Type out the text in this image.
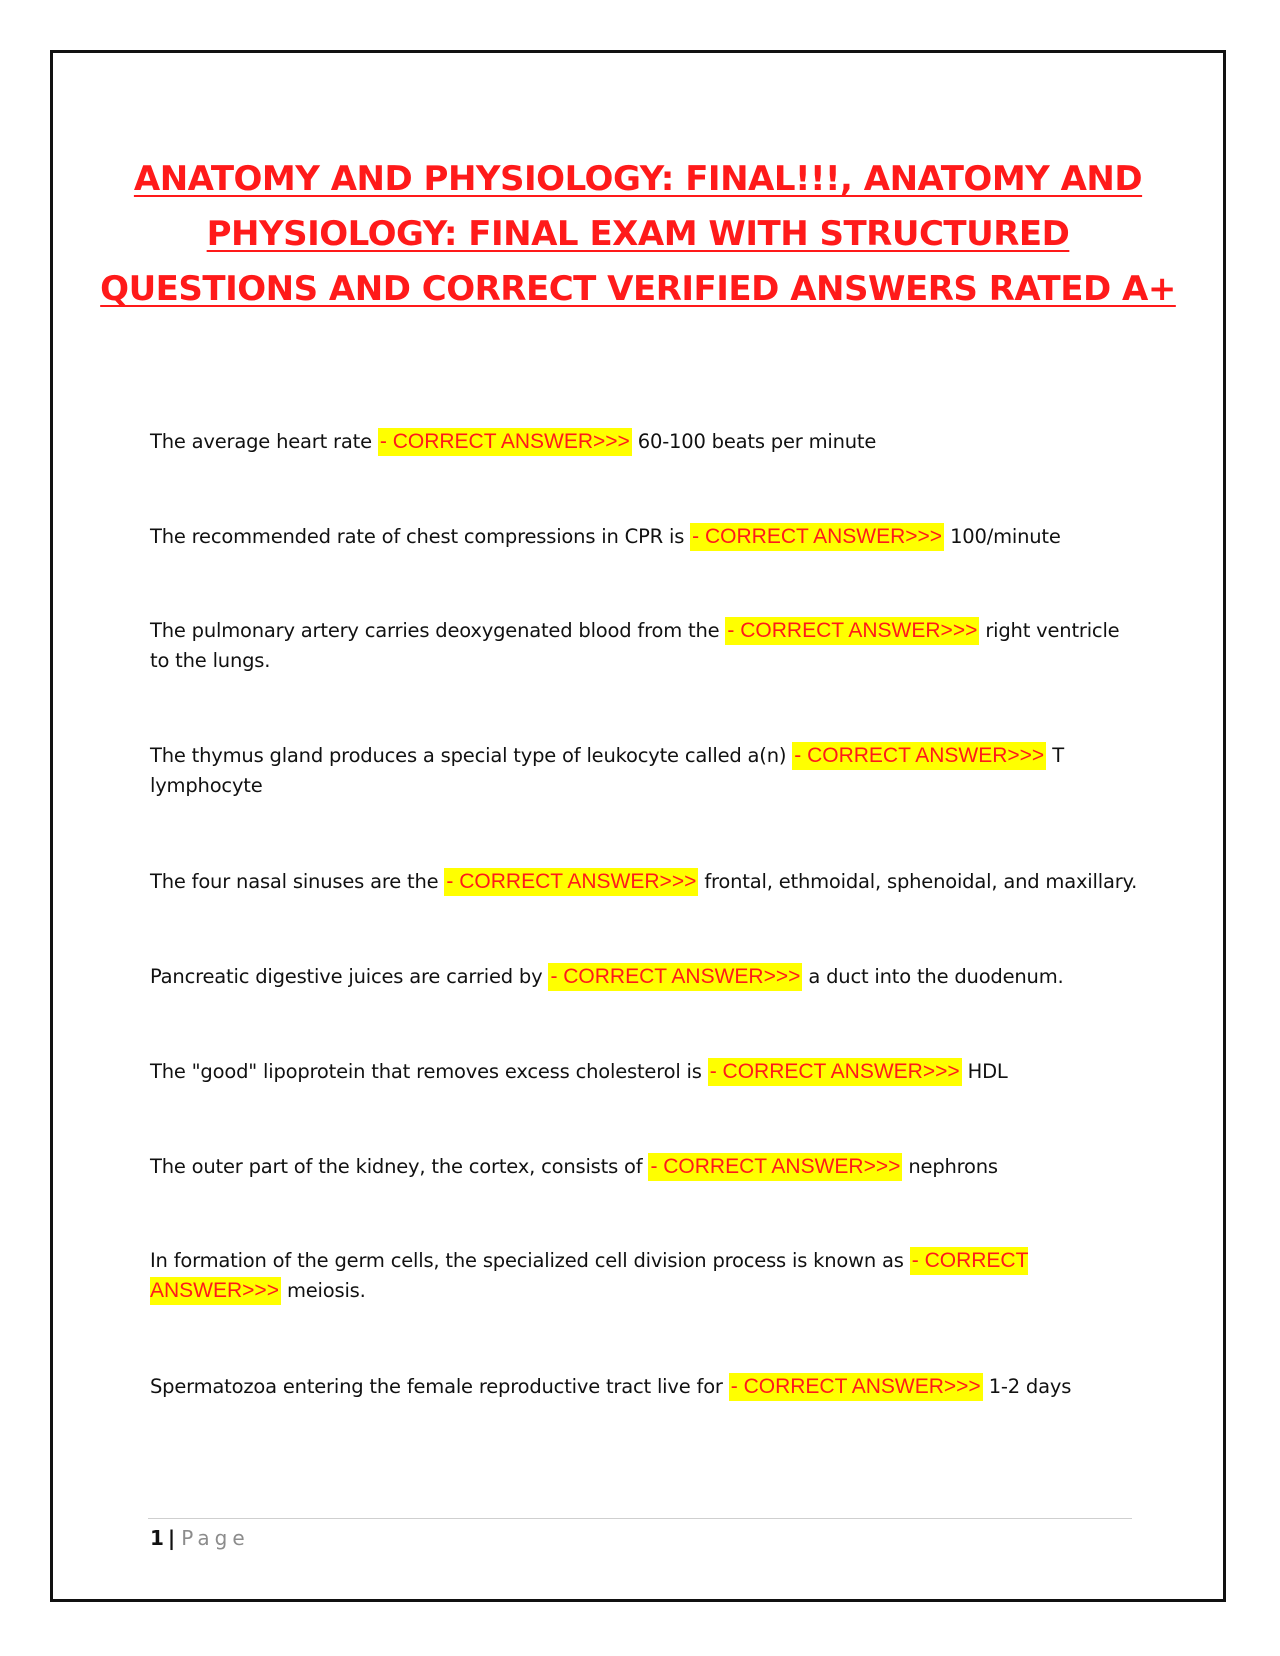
ANATOMY AND PHYSIOLOGY: FINAL!!!, ANATOMY AND PHYSIOLOGY: FINAL EXAM WITH STRUCTURED QUESTIONS AND CORRECT VERIFIED ANSWERS RATED A+

The average heart rate - CORRECT ANSWER>>> 60-100 beats per minute

The recommended rate of chest compressions in CPR is - CORRECT ANSWER>>> 100/minute

The pulmonary artery carries deoxygenated blood from the - CORRECT ANSWER>>> right ventricle to the lungs.

The thymus gland produces a special type of leukocyte called a(n) - CORRECT ANSWER>>> T lymphocyte

The four nasal sinuses are the - CORRECT ANSWER>>> frontal, ethmoidal, sphenoidal, and maxillary.

Pancreatic digestive juices are carried by - CORRECT ANSWER>>> a duct into the duodenum.

The "good" lipoprotein that removes excess cholesterol is - CORRECT ANSWER>>> HDL

The outer part of the kidney, the cortex, consists of - CORRECT ANSWER>>> nephrons

In formation of the germ cells, the specialized cell division process is known as - CORRECT ANSWER>>> meiosis.

Spermatozoa entering the female reproductive tract live for - CORRECT ANSWER>>> 1-2 days

1 | Page
